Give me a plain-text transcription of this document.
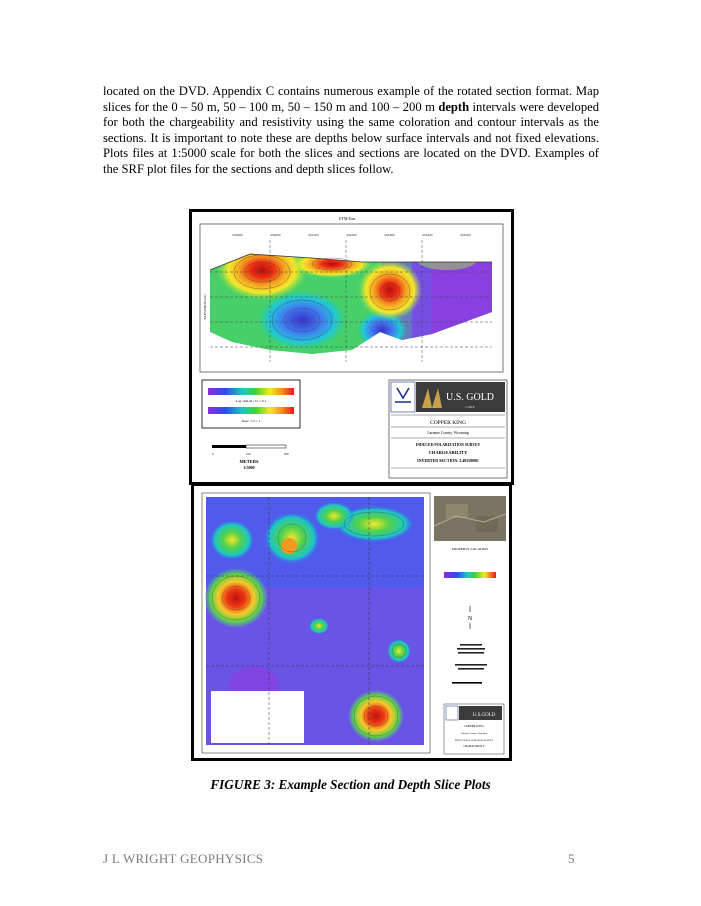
located on the DVD. Appendix C contains numerous example of the rotated section format. Map slices for the 0 – 50 m, 50 – 100 m, 50 – 150 m and 100 – 200 m depth intervals were developed for both the chargeability and resistivity using the same coloration and contour intervals as the sections. It is important to note these are depths below surface intervals and not fixed elevations. Plots files at 1:5000 scale for both the slices and sections are located on the DVD. Examples of the SRF plot files for the sections and depth slices follow.
UTM East
453900	454000	454100	454200	454300	454400	454500
ELEVATION (m)
Log ohm-m / Cl = 0.1
msec / Cl = 1
0	100	200
METERS
1:5000
U.S. GOLD
CORP
COPPER KING
Laramie County, Wyoming
INDUCED POLARIZATION SURVEY
CHARGEABILITY
INVERTED SECTION: L4835800E
PROPERTY LOCATION
N
U.S.GOLD
COPPER KING
Laramie County, Wyoming
INDUCED POLARIZATION SURVEY
CHARGEABILITY
FIGURE 3: Example Section and Depth Slice Plots
J L WRIGHT GEOPHYSICS	5
